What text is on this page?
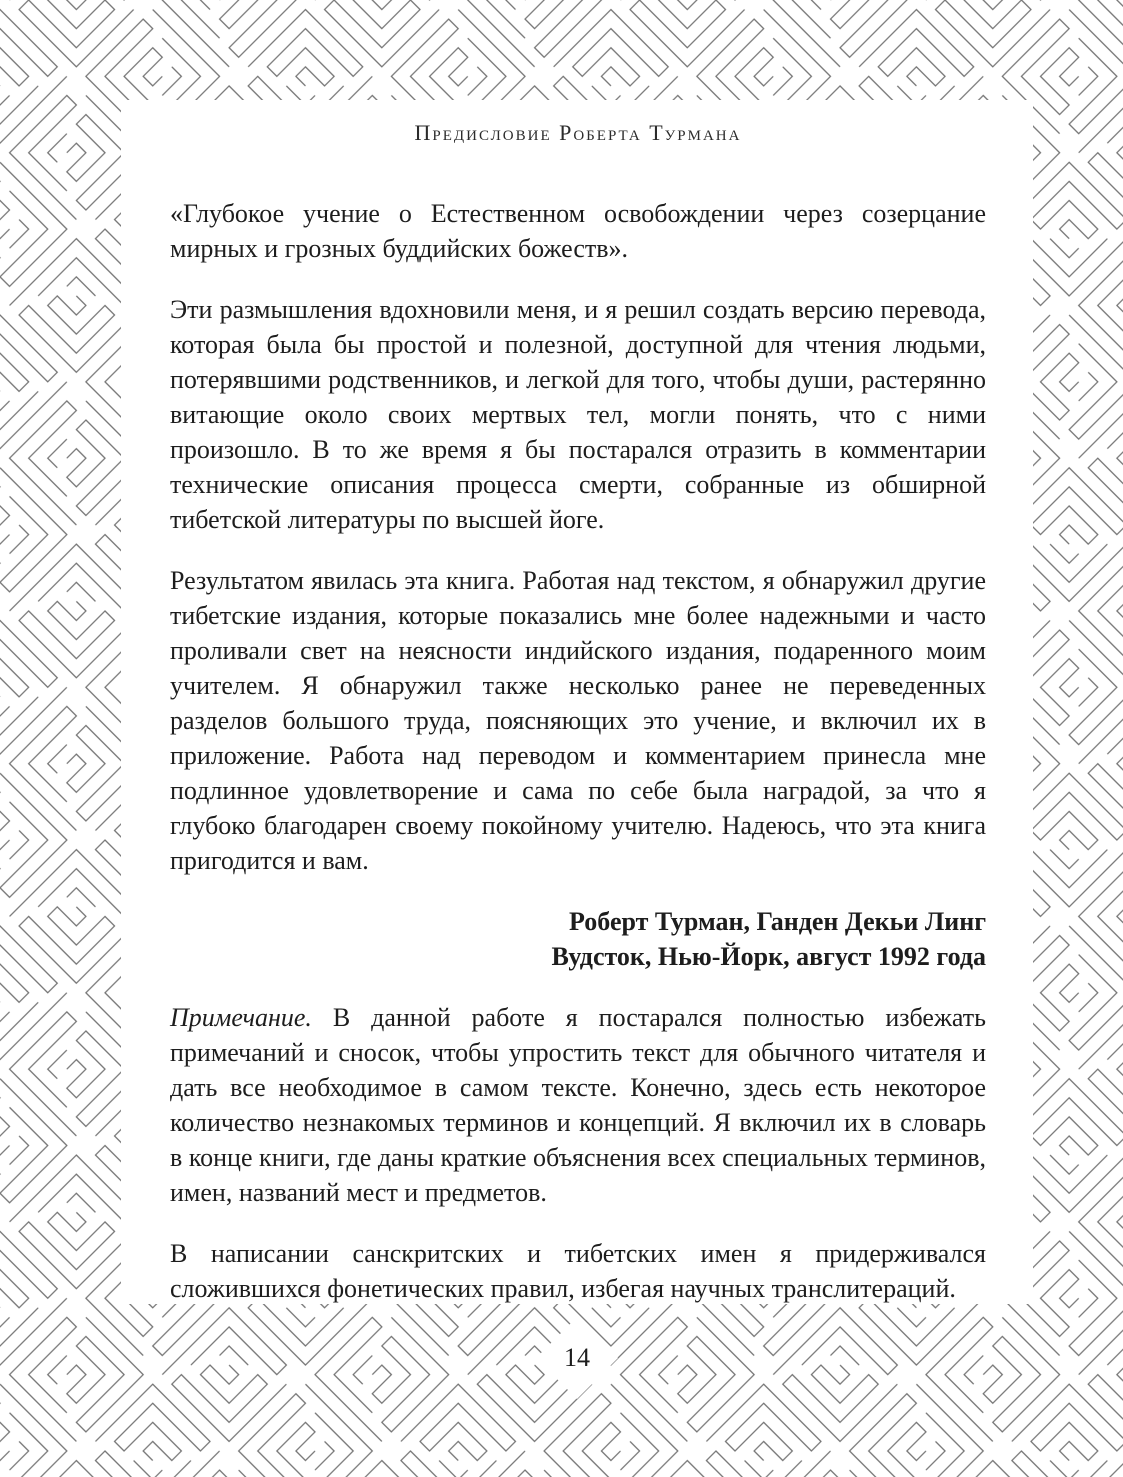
Предисловие Роберта Турмана

«Глубокое учение о Естественном освобождении через созерцание мирных и грозных буддийских божеств».

Эти размышления вдохновили меня, и я решил создать версию перевода, которая была бы простой и полезной, доступной для чтения людьми, потерявшими родственников, и легкой для того, чтобы души, растерянно витающие около своих мертвых тел, могли понять, что с ними произошло. В то же время я бы постарался отразить в комментарии технические описания процесса смерти, собранные из обширной тибетской литературы по высшей йоге.

Результатом явилась эта книга. Работая над текстом, я обнаружил другие тибетские издания, которые показались мне более надежными и часто проливали свет на неясности индийского издания, подаренного моим учителем. Я обнаружил также несколько ранее не переведенных разделов большого труда, поясняющих это учение, и включил их в приложение. Работа над переводом и комментарием принесла мне подлинное удовлетворение и сама по себе была наградой, за что я глубоко благодарен своему покойному учителю. Надеюсь, что эта книга пригодится и вам.

Роберт Турман, Ганден Декьи Линг
Вудсток, Нью-Йорк, август 1992 года

Примечание. В данной работе я постарался полностью избежать примечаний и сносок, чтобы упростить текст для обычного читателя и дать все необходимое в самом тексте. Конечно, здесь есть некоторое количество незнакомых терминов и концепций. Я включил их в словарь в конце книги, где даны краткие объяснения всех специальных терминов, имен, названий мест и предметов.

В написании санскритских и тибетских имен я придерживался сложившихся фонетических правил, избегая научных транслитераций.

14
